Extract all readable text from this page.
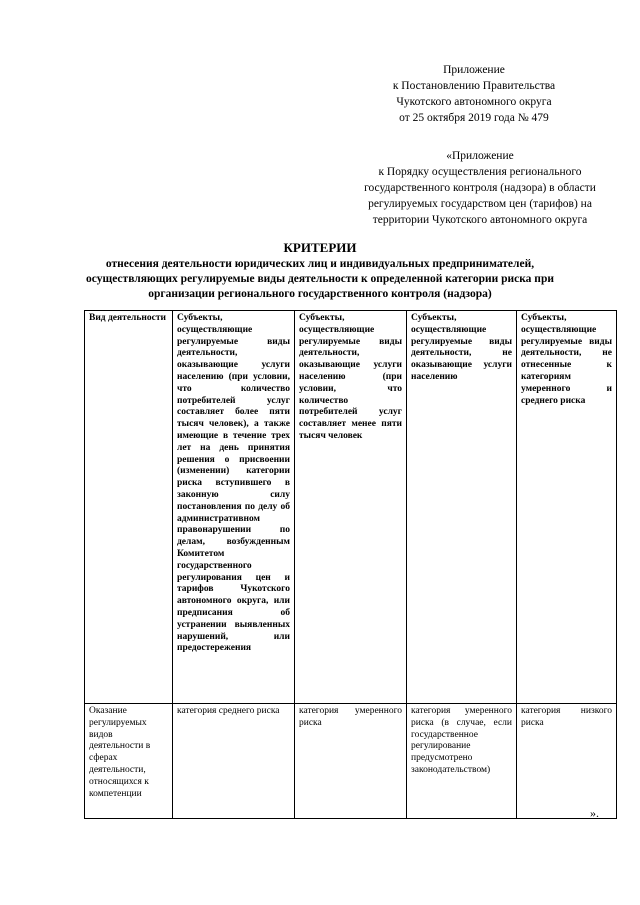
Приложение
к Постановлению Правительства
Чукотского автономного округа
от 25 октября 2019 года № 479
«Приложение
к Порядку осуществления регионального государственного контроля (надзора) в области регулируемых государством цен (тарифов) на территории Чукотского автономного округа
КРИТЕРИИ
отнесения деятельности юридических лиц и индивидуальных предпринимателей, осуществляющих регулируемые виды деятельности к определенной категории риска при организации регионального государственного контроля (надзора)
Вид деятельности	Субъекты, осуществляющие регулируемые виды деятельности, оказывающие услуги населению (при условии, что количество потребителей услуг составляет более пяти тысяч человек), а также имеющие в течение трех лет на день принятия решения о присвоении (изменении) категории риска вступившего в законную силу постановления по делу об административном правонарушении по делам, возбужденным Комитетом государственного регулирования цен и тарифов Чукотского автономного округа, или предписания об устранении выявленных нарушений, или предостережения	Субъекты, осуществляющие регулируемые виды деятельности, оказывающие услуги населению (при условии, что количество потребителей услуг составляет менее пяти тысяч человек	Субъекты, осуществляющие регулируемые виды деятельности, не оказывающие услуги населению	Субъекты, осуществляющие регулируемые виды деятельности, не отнесенные к категориям умеренного и среднего риска
Оказание регулируемых видов деятельности в сферах деятельности, относящихся к компетенции	категория среднего риска	категория умеренного риска	категория умеренного риска (в случае, если государственное регулирование предусмотрено законодательством)	категория низкого риска
».
